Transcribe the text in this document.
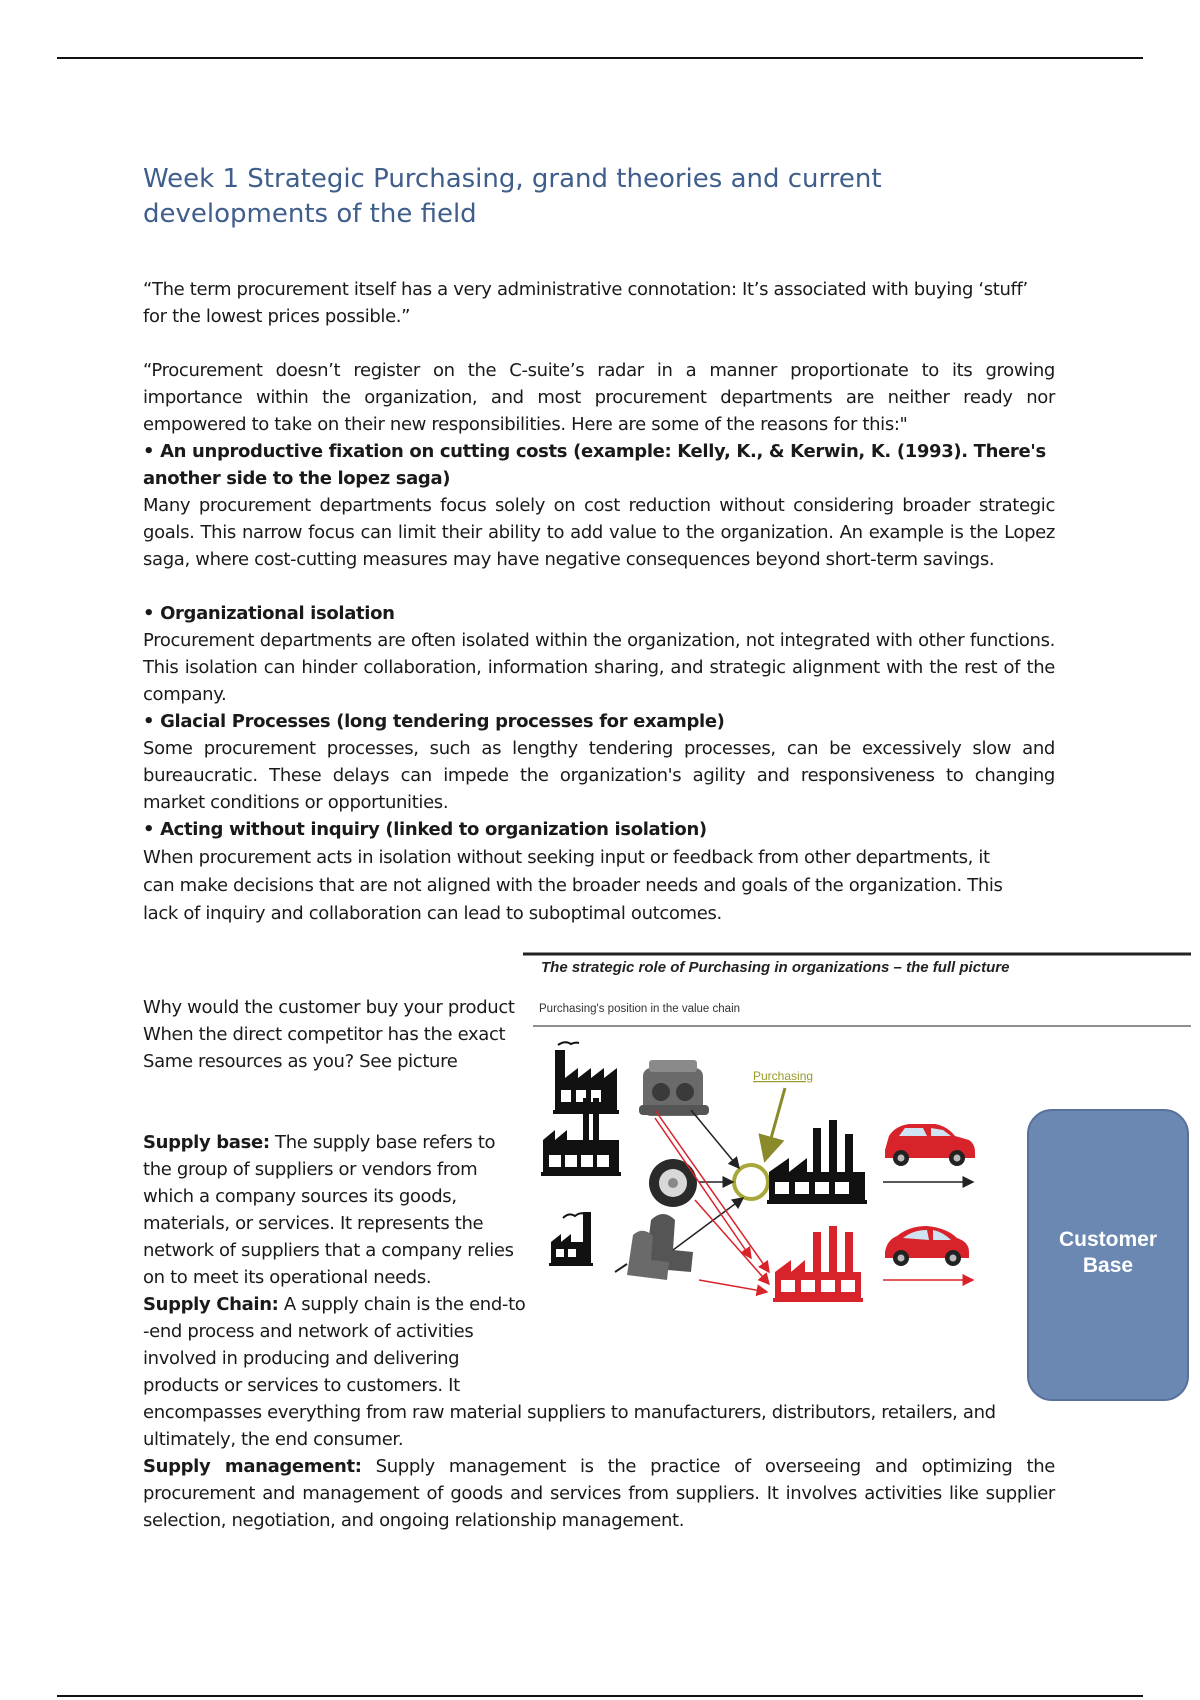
Week 1 Strategic Purchasing, grand theories and current developments of the field

“The term procurement itself has a very administrative connotation: It’s associated with buying ‘stuff’ for the lowest prices possible.”

“Procurement doesn’t register on the C-suite’s radar in a manner proportionate to its growing importance within the organization, and most procurement departments are neither ready nor empowered to take on their new responsibilities. Here are some of the reasons for this:"

• An unproductive fixation on cutting costs (example: Kelly, K., & Kerwin, K. (1993). There's another side to the lopez saga)

Many procurement departments focus solely on cost reduction without considering broader strategic goals. This narrow focus can limit their ability to add value to the organization. An example is the Lopez saga, where cost-cutting measures may have negative consequences beyond short-term savings.

• Organizational isolation

Procurement departments are often isolated within the organization, not integrated with other functions. This isolation can hinder collaboration, information sharing, and strategic alignment with the rest of the company.

• Glacial Processes (long tendering processes for example)

Some procurement processes, such as lengthy tendering processes, can be excessively slow and bureaucratic. These delays can impede the organization's agility and responsiveness to changing market conditions or opportunities.

• Acting without inquiry (linked to organization isolation)

When procurement acts in isolation without seeking input or feedback from other departments, it can make decisions that are not aligned with the broader needs and goals of the organization. This lack of inquiry and collaboration can lead to suboptimal outcomes.

Why would the customer buy your product When the direct competitor has the exact Same resources as you? See picture

Supply base: The supply base refers to the group of suppliers or vendors from which a company sources its goods, materials, or services. It represents the network of suppliers that a company relies on to meet its operational needs.

Supply Chain: A supply chain is the end-to -end process and network of activities involved in producing and delivering products or services to customers. It

encompasses everything from raw material suppliers to manufacturers, distributors, retailers, and ultimately, the end consumer.

Supply management: Supply management is the practice of overseeing and optimizing the procurement and management of goods and services from suppliers. It involves activities like supplier selection, negotiation, and ongoing relationship management.

The strategic role of Purchasing in organizations – the full picture
Purchasing's position in the value chain
Purchasing
Customer
Base
